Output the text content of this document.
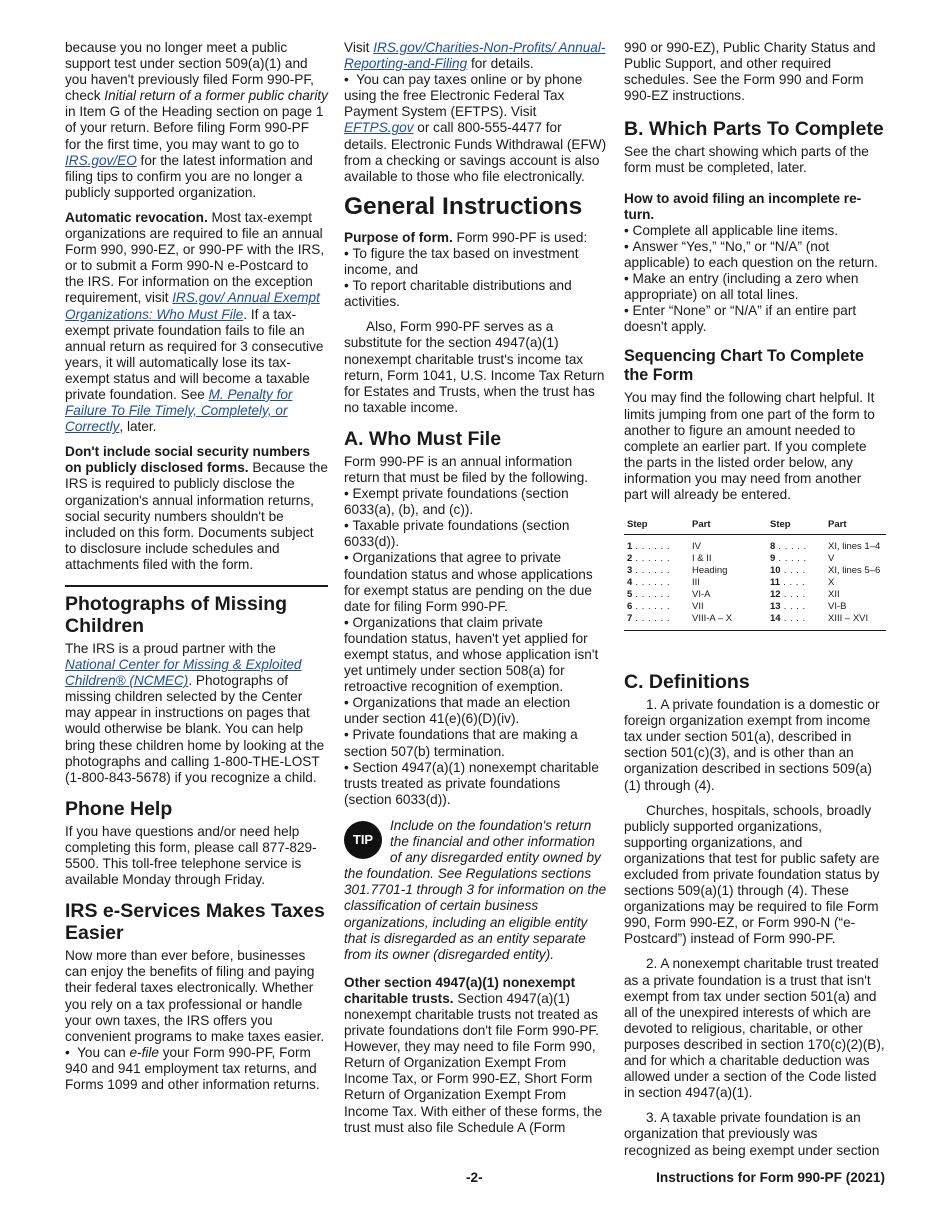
because you no longer meet a public support test under section 509(a)(1) and you haven't previously filed Form 990-PF, check Initial return of a former public charity in Item G of the Heading section on page 1 of your return. Before filing Form 990-PF for the first time, you may want to go to IRS.gov/EO for the latest information and filing tips to confirm you are no longer a publicly supported organization.

Automatic revocation. Most tax-exempt organizations are required to file an annual Form 990, 990-EZ, or 990-PF with the IRS, or to submit a Form 990-N e-Postcard to the IRS. For information on the exception requirement, visit IRS.gov/ Annual Exempt Organizations: Who Must File. If a tax-exempt private foundation fails to file an annual return as required for 3 consecutive years, it will automatically lose its tax-exempt status and will become a taxable private foundation. See M. Penalty for Failure To File Timely, Completely, or Correctly, later.

Don't include social security numbers on publicly disclosed forms. Because the IRS is required to publicly disclose the organization's annual information returns, social security numbers shouldn't be included on this form. Documents subject to disclosure include schedules and attachments filed with the form.

Photographs of Missing Children

The IRS is a proud partner with the National Center for Missing & Exploited Children® (NCMEC). Photographs of missing children selected by the Center may appear in instructions on pages that would otherwise be blank. You can help bring these children home by looking at the photographs and calling 1-800-THE-LOST (1-800-843-5678) if you recognize a child.

Phone Help

If you have questions and/or need help completing this form, please call 877-829-5500. This toll-free telephone service is available Monday through Friday.

IRS e-Services Makes Taxes Easier

Now more than ever before, businesses can enjoy the benefits of filing and paying their federal taxes electronically. Whether you rely on a tax professional or handle your own taxes, the IRS offers you convenient programs to make taxes easier.

• You can e-file your Form 990-PF, Form 940 and 941 employment tax returns, and Forms 1099 and other information returns.

Visit IRS.gov/Charities-Non-Profits/ Annual-Reporting-and-Filing for details.

• You can pay taxes online or by phone using the free Electronic Federal Tax Payment System (EFTPS). Visit EFTPS.gov or call 800-555-4477 for details. Electronic Funds Withdrawal (EFW) from a checking or savings account is also available to those who file electronically.

General Instructions

Purpose of form. Form 990-PF is used:

• To figure the tax based on investment income, and

• To report charitable distributions and activities.

Also, Form 990-PF serves as a substitute for the section 4947(a)(1) nonexempt charitable trust's income tax return, Form 1041, U.S. Income Tax Return for Estates and Trusts, when the trust has no taxable income.

A. Who Must File

Form 990-PF is an annual information return that must be filed by the following.

• Exempt private foundations (section 6033(a), (b), and (c)).

• Taxable private foundations (section 6033(d)).

• Organizations that agree to private foundation status and whose applications for exempt status are pending on the due date for filing Form 990-PF.

• Organizations that claim private foundation status, haven't yet applied for exempt status, and whose application isn't yet untimely under section 508(a) for retroactive recognition of exemption.

• Organizations that made an election under section 41(e)(6)(D)(iv).

• Private foundations that are making a section 507(b) termination.

• Section 4947(a)(1) nonexempt charitable trusts treated as private foundations (section 6033(d)).

TIP
Include on the foundation's return the financial and other information of any disregarded entity owned by the foundation. See Regulations sections 301.7701-1 through 3 for information on the classification of certain business organizations, including an eligible entity that is disregarded as an entity separate from its owner (disregarded entity).

Other section 4947(a)(1) nonexempt charitable trusts. Section 4947(a)(1) nonexempt charitable trusts not treated as private foundations don't file Form 990-PF. However, they may need to file Form 990, Return of Organization Exempt From Income Tax, or Form 990-EZ, Short Form Return of Organization Exempt From Income Tax. With either of these forms, the trust must also file Schedule A (Form

990 or 990-EZ), Public Charity Status and Public Support, and other required schedules. See the Form 990 and Form 990-EZ instructions.

B. Which Parts To Complete

See the chart showing which parts of the form must be completed, later.

How to avoid filing an incomplete re-turn.

• Complete all applicable line items.

• Answer “Yes,” “No,” or “N/A” (not applicable) to each question on the return.

• Make an entry (including a zero when appropriate) on all total lines.

• Enter “None” or “N/A” if an entire part doesn't apply.

Sequencing Chart To Complete the Form

You may find the following chart helpful. It limits jumping from one part of the form to another to figure an amount needed to complete an earlier part. If you complete the parts in the listed order below, any information you may need from another part will already be entered.

Step	Part	Step	Part
1 . . . . . .	IV	8 . . . . .	XI, lines 1–4
2 . . . . . .	I & II	9 . . . . .	V
3 . . . . . .	Heading	10 . . . .	XI, lines 5–6
4 . . . . . .	III	11 . . . .	X
5 . . . . . .	VI-A	12 . . . .	XII
6 . . . . . .	VII	13 . . . .	VI-B
7 . . . . . .	VIII-A – X	14 . . . .	XIII – XVI
C. Definitions

1. A private foundation is a domestic or foreign organization exempt from income tax under section 501(a), described in section 501(c)(3), and is other than an organization described in sections 509(a)(1) through (4).

Churches, hospitals, schools, broadly publicly supported organizations, supporting organizations, and organizations that test for public safety are excluded from private foundation status by sections 509(a)(1) through (4). These organizations may be required to file Form 990, Form 990-EZ, or Form 990-N (“e-Postcard”) instead of Form 990-PF.

2. A nonexempt charitable trust treated as a private foundation is a trust that isn't exempt from tax under section 501(a) and all of the unexpired interests of which are devoted to religious, charitable, or other purposes described in section 170(c)(2)(B), and for which a charitable deduction was allowed under a section of the Code listed in section 4947(a)(1).

3. A taxable private foundation is an organization that previously was recognized as being exempt under section

-2-	Instructions for Form 990-PF (2021)
